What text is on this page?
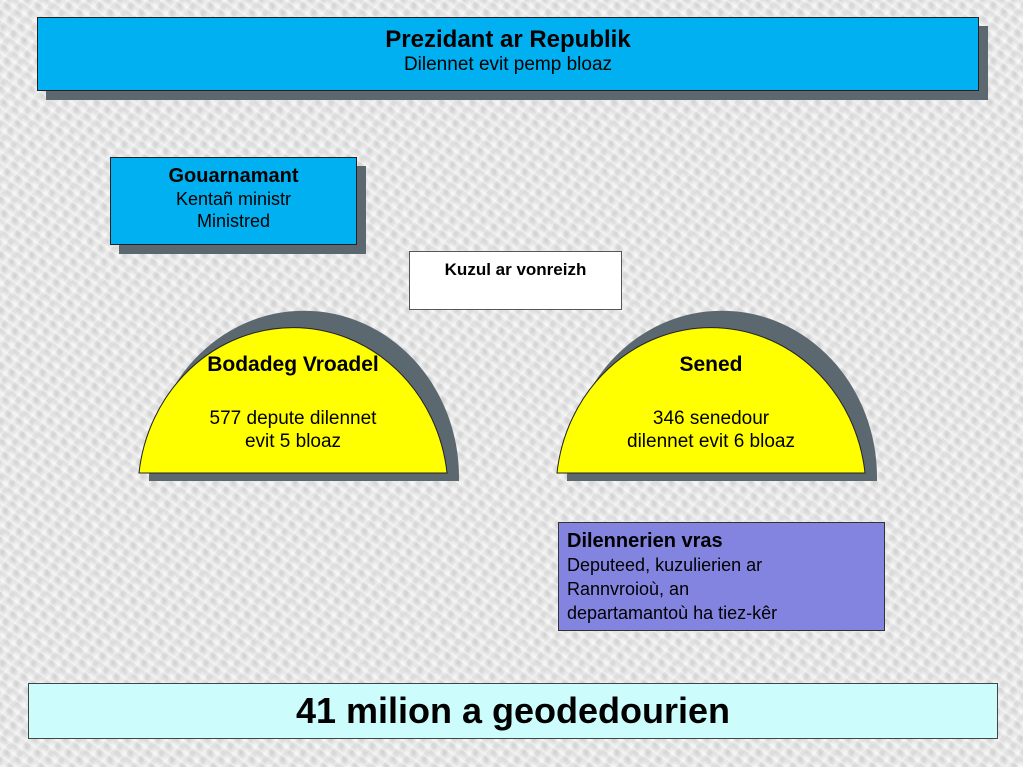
Prezidant ar Republik
Dilennet evit pemp bloaz
Gouarnamant
Kentañ ministr
Ministred
Kuzul ar vonreizh
Bodadeg Vroadel
577 depute dilennet
evit 5 bloaz
Sened
346 senedour
dilennet evit 6 bloaz
Dilennerien vras
Deputeed, kuzulierien ar
Rannvroioù, an
departamantoù ha tiez-kêr
41 milion a geodedourien
